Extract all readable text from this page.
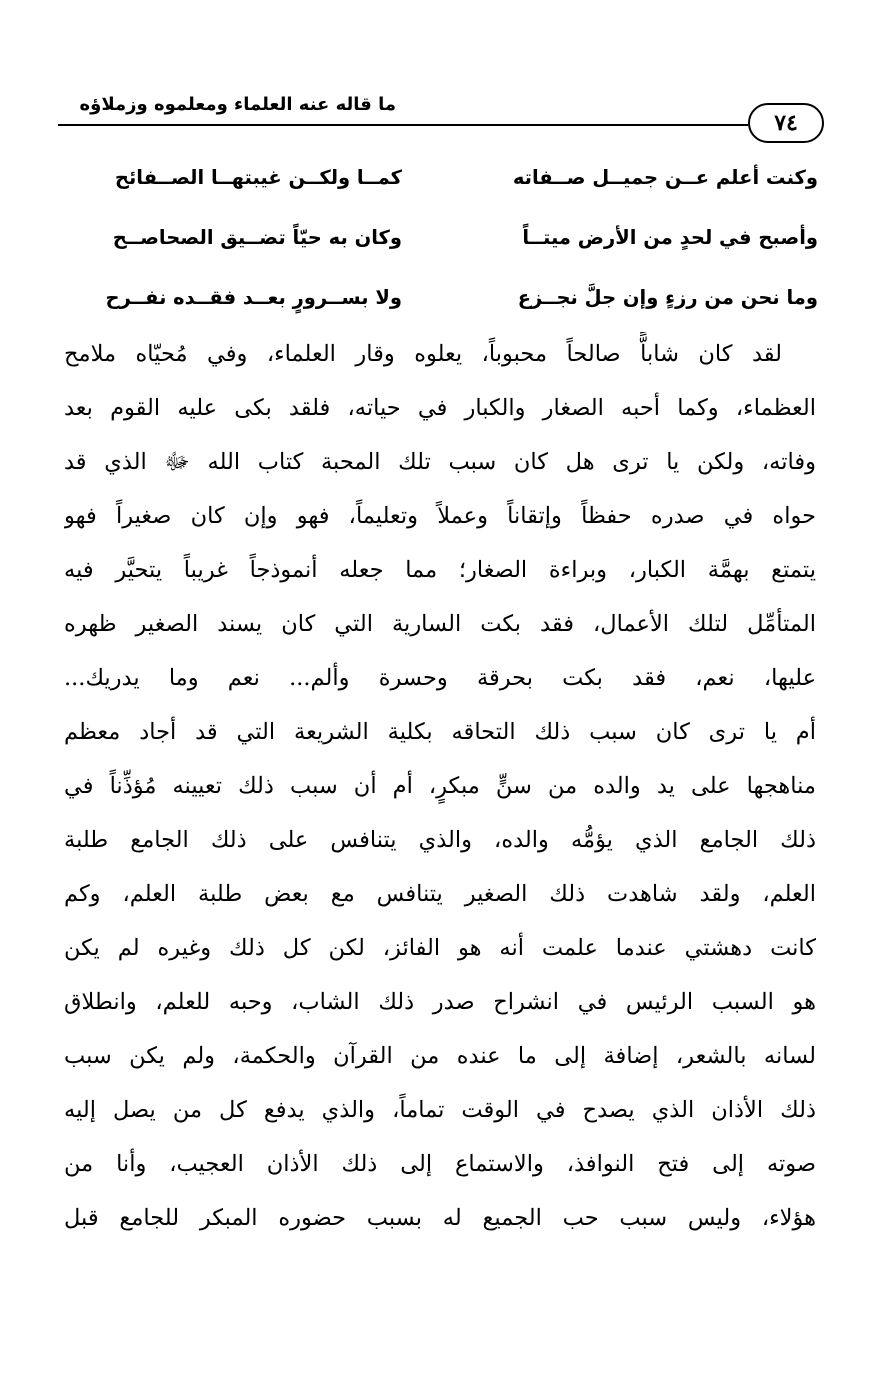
ما قاله عنه العلماء ومعلموه وزملاؤه
٧٤
وكنت أعلم عــن جميــل صــفاته
كمــا ولكــن غيبتهــا الصــفائح
وأصبح في لحدٍ من الأرض ميتــاً
وكان به حيّاً تضــيق الصحاصــح
وما نحن من رزءٍ وإن جلَّ نجــزع
ولا بســرورٍ بعــد فقــده نفــرح
لقد كان شاباًّ صالحاً محبوباً، يعلوه وقار العلماء، وفي مُحيّاه ملامح
العظماء، وكما أحبه الصغار والكبار في حياته، فلقد بكى عليه القوم بعد
وفاته، ولكن يا ترى هل كان سبب تلك المحبة كتاب الله ﷻ الذي قد
حواه في صدره حفظاً وإتقاناً وعملاً وتعليماً، فهو وإن كان صغيراً فهو
يتمتع بهمَّة الكبار، وبراءة الصغار؛ مما جعله أنموذجاً غريباً يتحيَّر فيه
المتأمِّل لتلك الأعمال، فقد بكت السارية التي كان يسند الصغير ظهره
عليها، نعم، فقد بكت بحرقة وحسرة وألم... نعم وما يدريك...
أم يا ترى كان سبب ذلك التحاقه بكلية الشريعة التي قد أجاد معظم
مناهجها على يد والده من سنٍّ مبكرٍ، أم أن سبب ذلك تعيينه مُؤذِّناً في
ذلك الجامع الذي يؤمُّه والده، والذي يتنافس على ذلك الجامع طلبة
العلم، ولقد شاهدت ذلك الصغير يتنافس مع بعض طلبة العلم، وكم
كانت دهشتي عندما علمت أنه هو الفائز، لكن كل ذلك وغيره لم يكن
هو السبب الرئيس في انشراح صدر ذلك الشاب، وحبه للعلم، وانطلاق
لسانه بالشعر، إضافة إلى ما عنده من القرآن والحكمة، ولم يكن سبب
ذلك الأذان الذي يصدح في الوقت تماماً، والذي يدفع كل من يصل إليه
صوته إلى فتح النوافذ، والاستماع إلى ذلك الأذان العجيب، وأنا من
هؤلاء، وليس سبب حب الجميع له بسبب حضوره المبكر للجامع قبل
